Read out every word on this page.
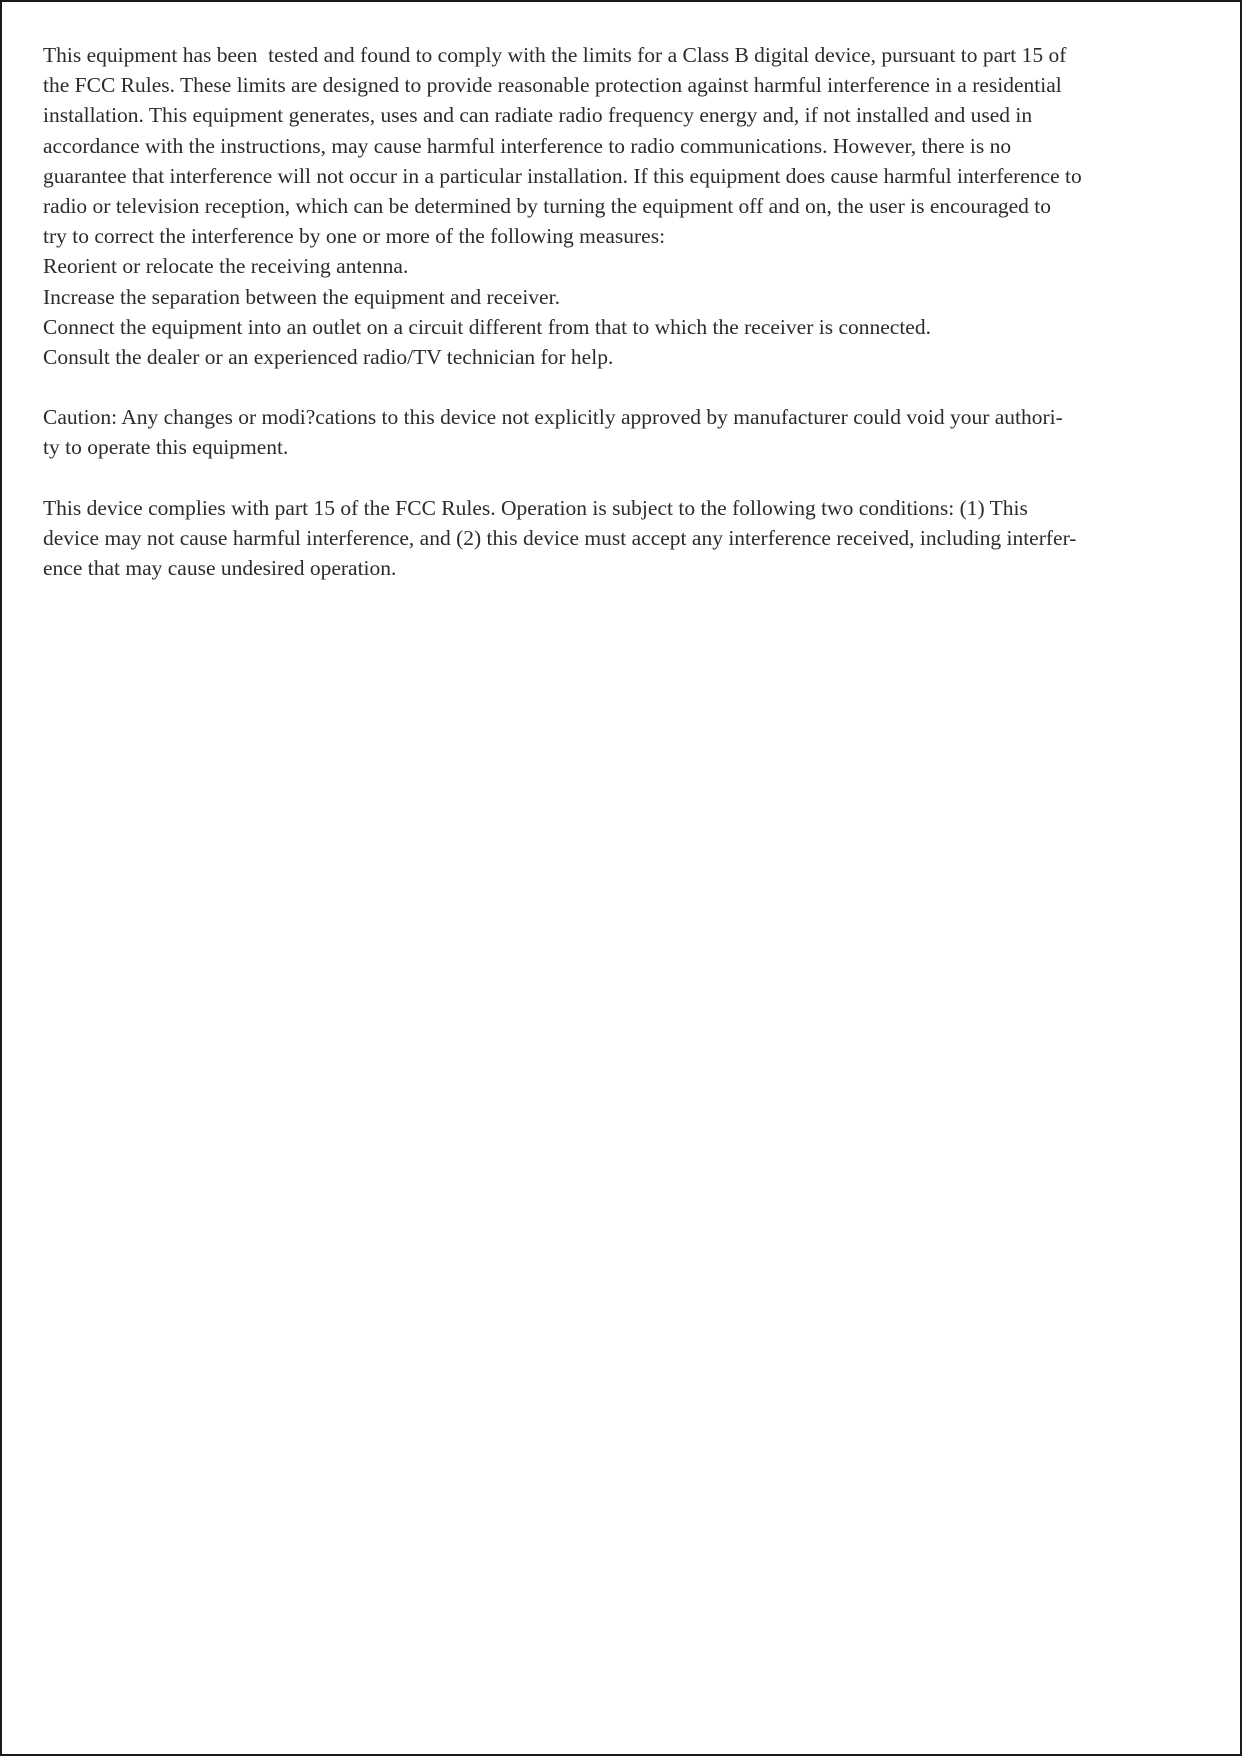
This equipment has been  tested and found to comply with the limits for a Class B digital device, pursuant to part 15 of
the FCC Rules. These limits are designed to provide reasonable protection against harmful interference in a residential
installation. This equipment generates, uses and can radiate radio frequency energy and, if not installed and used in
accordance with the instructions, may cause harmful interference to radio communications. However, there is no
guarantee that interference will not occur in a particular installation. If this equipment does cause harmful interference to
radio or television reception, which can be determined by turning the equipment off and on, the user is encouraged to
try to correct the interference by one or more of the following measures:
Reorient or relocate the receiving antenna.
Increase the separation between the equipment and receiver.
Connect the equipment into an outlet on a circuit different from that to which the receiver is connected.
Consult the dealer or an experienced radio/TV technician for help.
Caution: Any changes or modi?cations to this device not explicitly approved by manufacturer could void your authori-
ty to operate this equipment.
This device complies with part 15 of the FCC Rules. Operation is subject to the following two conditions: (1) This
device may not cause harmful interference, and (2) this device must accept any interference received, including interfer-
ence that may cause undesired operation.
